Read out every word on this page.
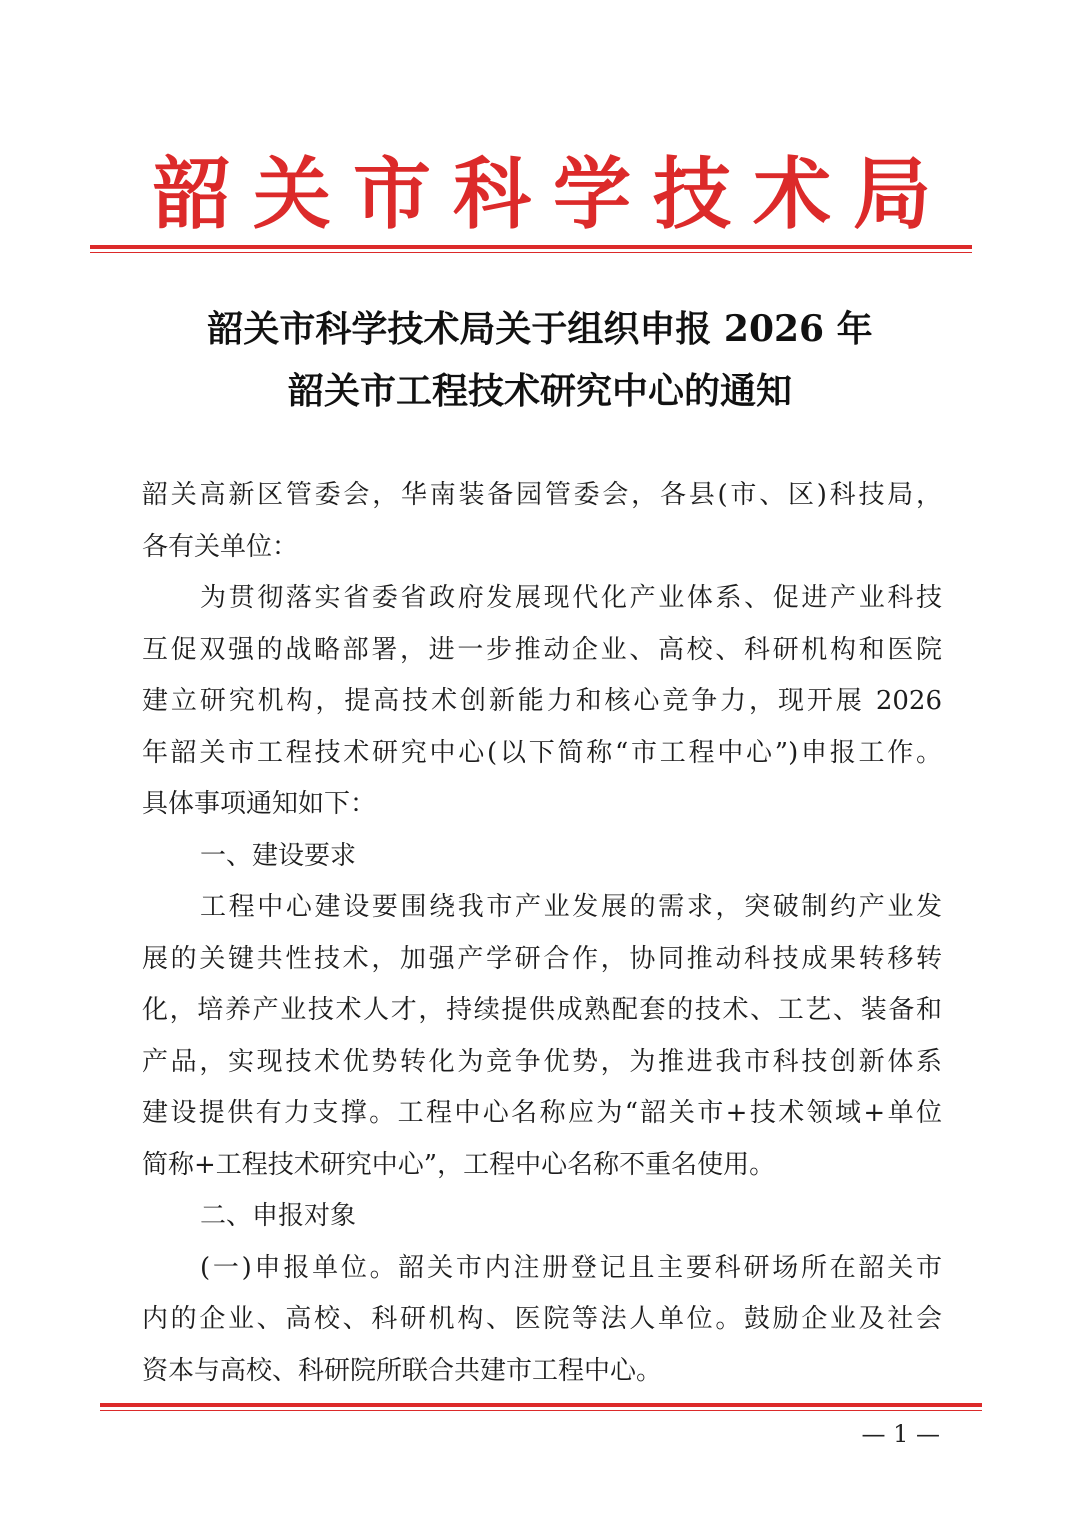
韶关市科学技术局
韶关市科学技术局关于组织申报 2026 年
韶关市工程技术研究中心的通知
韶关高新区管委会，华南装备园管委会，各县(市、区)科技局，
各有关单位：
为贯彻落实省委省政府发展现代化产业体系、促进产业科技
互促双强的战略部署，进一步推动企业、高校、科研机构和医院
建立研究机构，提高技术创新能力和核心竞争力，现开展 2026
年韶关市工程技术研究中心(以下简称“市工程中心”)申报工作。
具体事项通知如下：
一、建设要求
工程中心建设要围绕我市产业发展的需求，突破制约产业发
展的关键共性技术，加强产学研合作，协同推动科技成果转移转
化，培养产业技术人才，持续提供成熟配套的技术、工艺、装备和
产品，实现技术优势转化为竞争优势，为推进我市科技创新体系
建设提供有力支撑。工程中心名称应为“韶关市+技术领域+单位
简称+工程技术研究中心”，工程中心名称不重名使用。
二、申报对象
(一)申报单位。韶关市内注册登记且主要科研场所在韶关市
内的企业、高校、科研机构、医院等法人单位。鼓励企业及社会
资本与高校、科研院所联合共建市工程中心。
— 1 —
